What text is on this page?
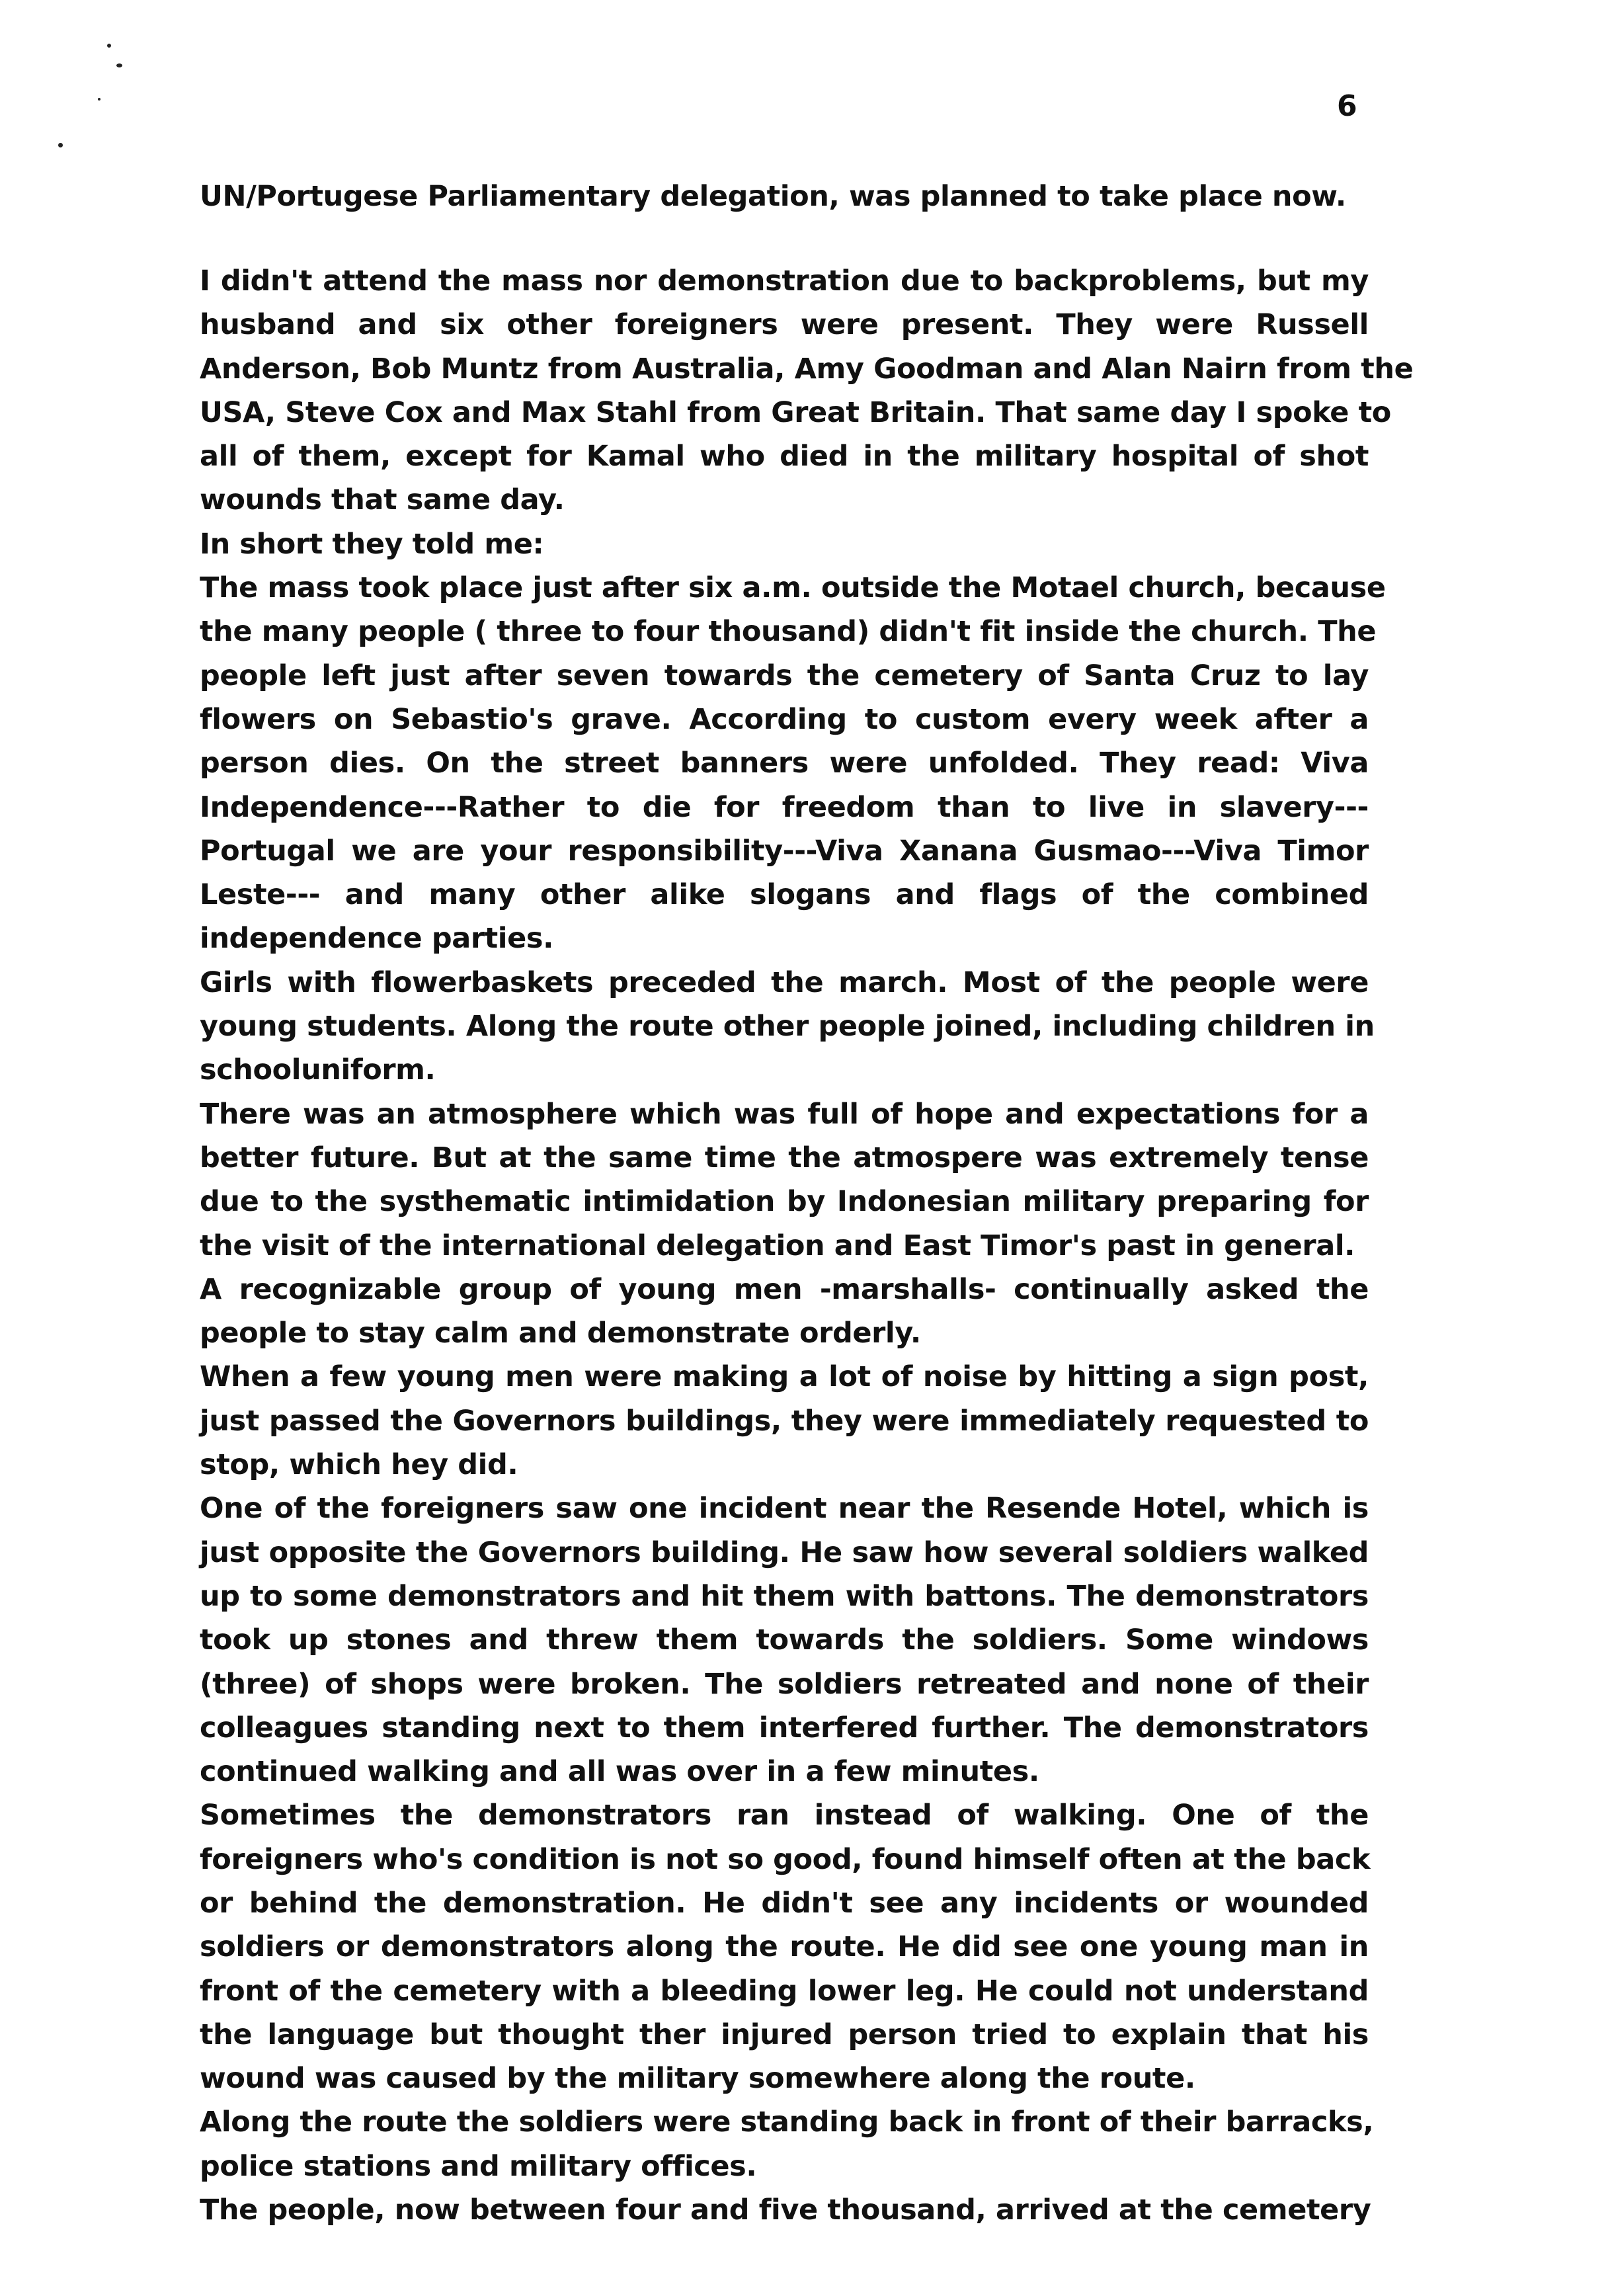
6
UN/Portugese Parliamentary delegation, was planned to take place now.
I didn't attend the mass nor demonstration due to backproblems, but my
husband and six other foreigners were present. They were Russell
Anderson, Bob Muntz from Australia, Amy Goodman and Alan Nairn from the
USA, Steve Cox and Max Stahl from Great Britain. That same day I spoke to
all of them, except for Kamal who died in the military hospital of shot
wounds that same day.
In short they told me:
The mass took place just after six a.m. outside the Motael church, because
the many people ( three to four thousand) didn't fit inside the church. The
people left just after seven towards the cemetery of Santa Cruz to lay
flowers on Sebastio's grave. According to custom every week after a
person dies. On the street banners were unfolded. They read: Viva
Independence---Rather to die for freedom than to live in slavery---
Portugal we are your responsibility---Viva Xanana Gusmao---Viva Timor
Leste--- and many other alike slogans and flags of the combined
independence parties.
Girls with flowerbaskets preceded the march. Most of the people were
young students. Along the route other people joined, including children in
schooluniform.
There was an atmosphere which was full of hope and expectations for a
better future. But at the same time the atmospere was extremely tense
due to the systhematic intimidation by Indonesian military preparing for
the visit of the international delegation and East Timor's past in general.
A recognizable group of young men -marshalls- continually asked the
people to stay calm and demonstrate orderly.
When a few young men were making a lot of noise by hitting a sign post,
just passed the Governors buildings, they were immediately requested to
stop, which hey did.
One of the foreigners saw one incident near the Resende Hotel, which is
just opposite the Governors building. He saw how several soldiers walked
up to some demonstrators and hit them with battons. The demonstrators
took up stones and threw them towards the soldiers. Some windows
(three) of shops were broken. The soldiers retreated and none of their
colleagues standing next to them interfered further. The demonstrators
continued walking and all was over in a few minutes.
Sometimes the demonstrators ran instead of walking. One of the
foreigners who's condition is not so good, found himself often at the back
or behind the demonstration. He didn't see any incidents or wounded
soldiers or demonstrators along the route. He did see one young man in
front of the cemetery with a bleeding lower leg. He could not understand
the language but thought ther injured person tried to explain that his
wound was caused by the military somewhere along the route.
Along the route the soldiers were standing back in front of their barracks,
police stations and military offices.
The people, now between four and five thousand, arrived at the cemetery
